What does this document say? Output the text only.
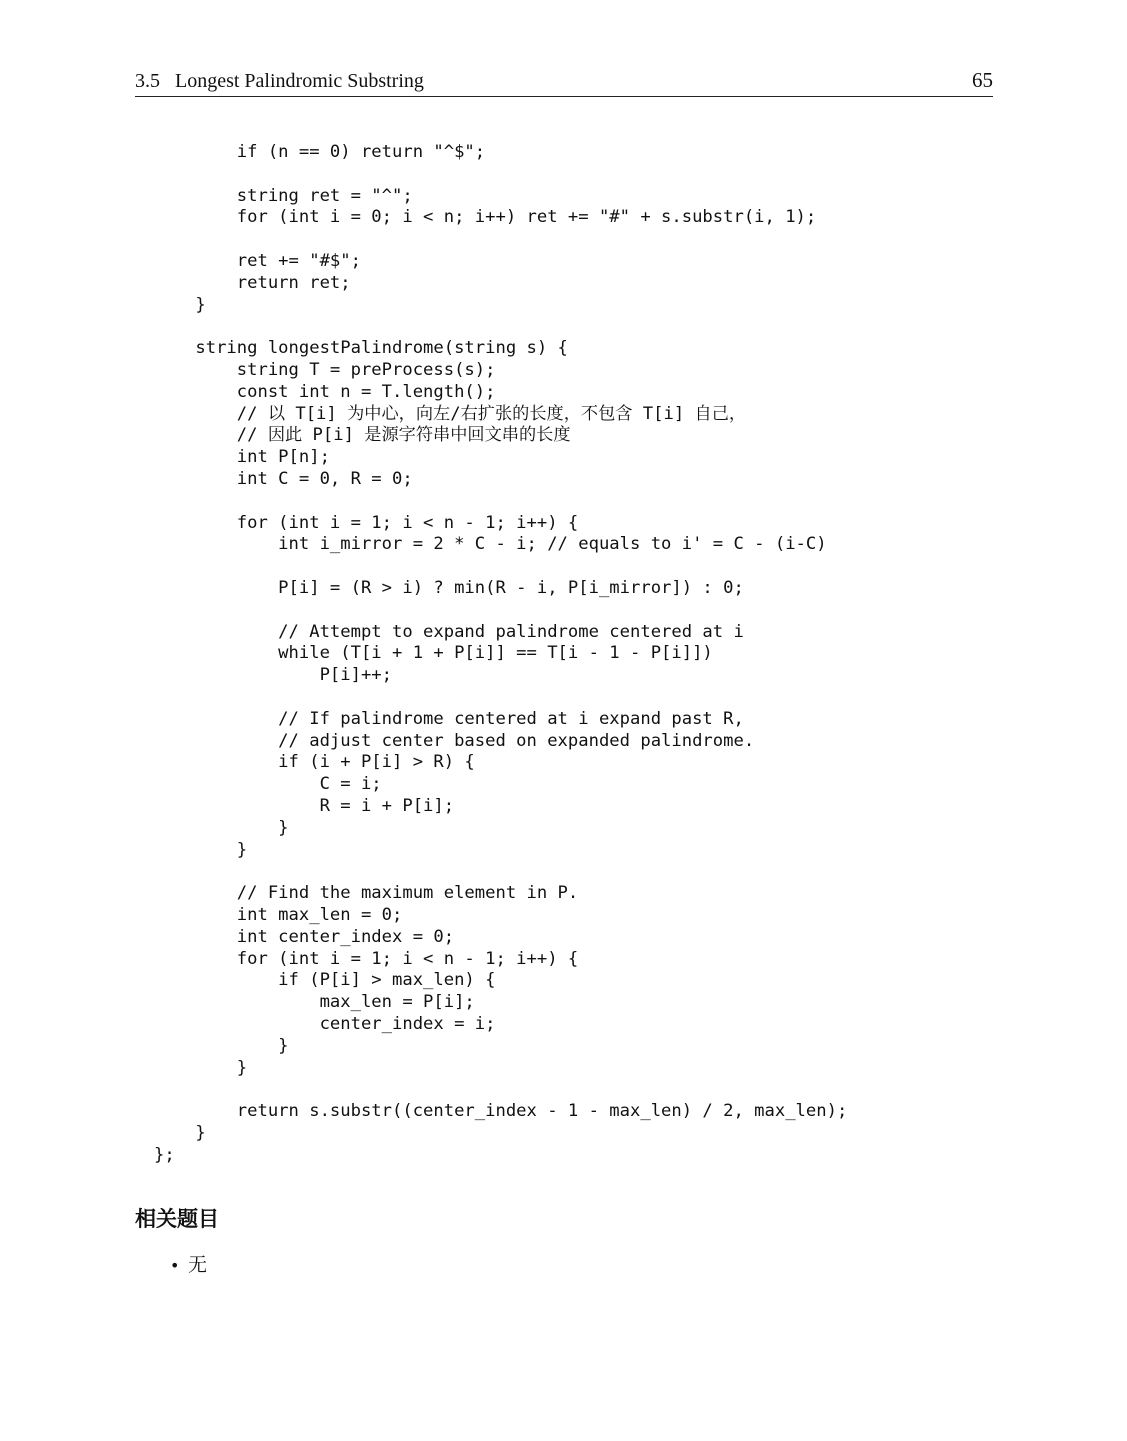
3.5 Longest Palindromic Substring	65
if (n == 0) return "^$";
string ret = "^";
for (int i = 0; i < n; i++) ret += "#" + s.substr(i, 1);
ret += "#$";
return ret;
}
string longestPalindrome(string s) {
string T = preProcess(s);
const int n = T.length();
// 以 T[i] 为中心，向左/右扩张的长度，不包含 T[i] 自己，
// 因此 P[i] 是源字符串中回文串的长度
int P[n];
int C = 0, R = 0;
for (int i = 1; i < n - 1; i++) {
int i_mirror = 2 * C - i; // equals to i' = C - (i-C)
P[i] = (R > i) ? min(R - i, P[i_mirror]) : 0;
// Attempt to expand palindrome centered at i
while (T[i + 1 + P[i]] == T[i - 1 - P[i]])
P[i]++;
// If palindrome centered at i expand past R,
// adjust center based on expanded palindrome.
if (i + P[i] > R) {
C = i;
R = i + P[i];
}
}
// Find the maximum element in P.
int max_len = 0;
int center_index = 0;
for (int i = 1; i < n - 1; i++) {
if (P[i] > max_len) {
max_len = P[i];
center_index = i;
}
}
return s.substr((center_index - 1 - max_len) / 2, max_len);
}
};
相关题目
• 无
